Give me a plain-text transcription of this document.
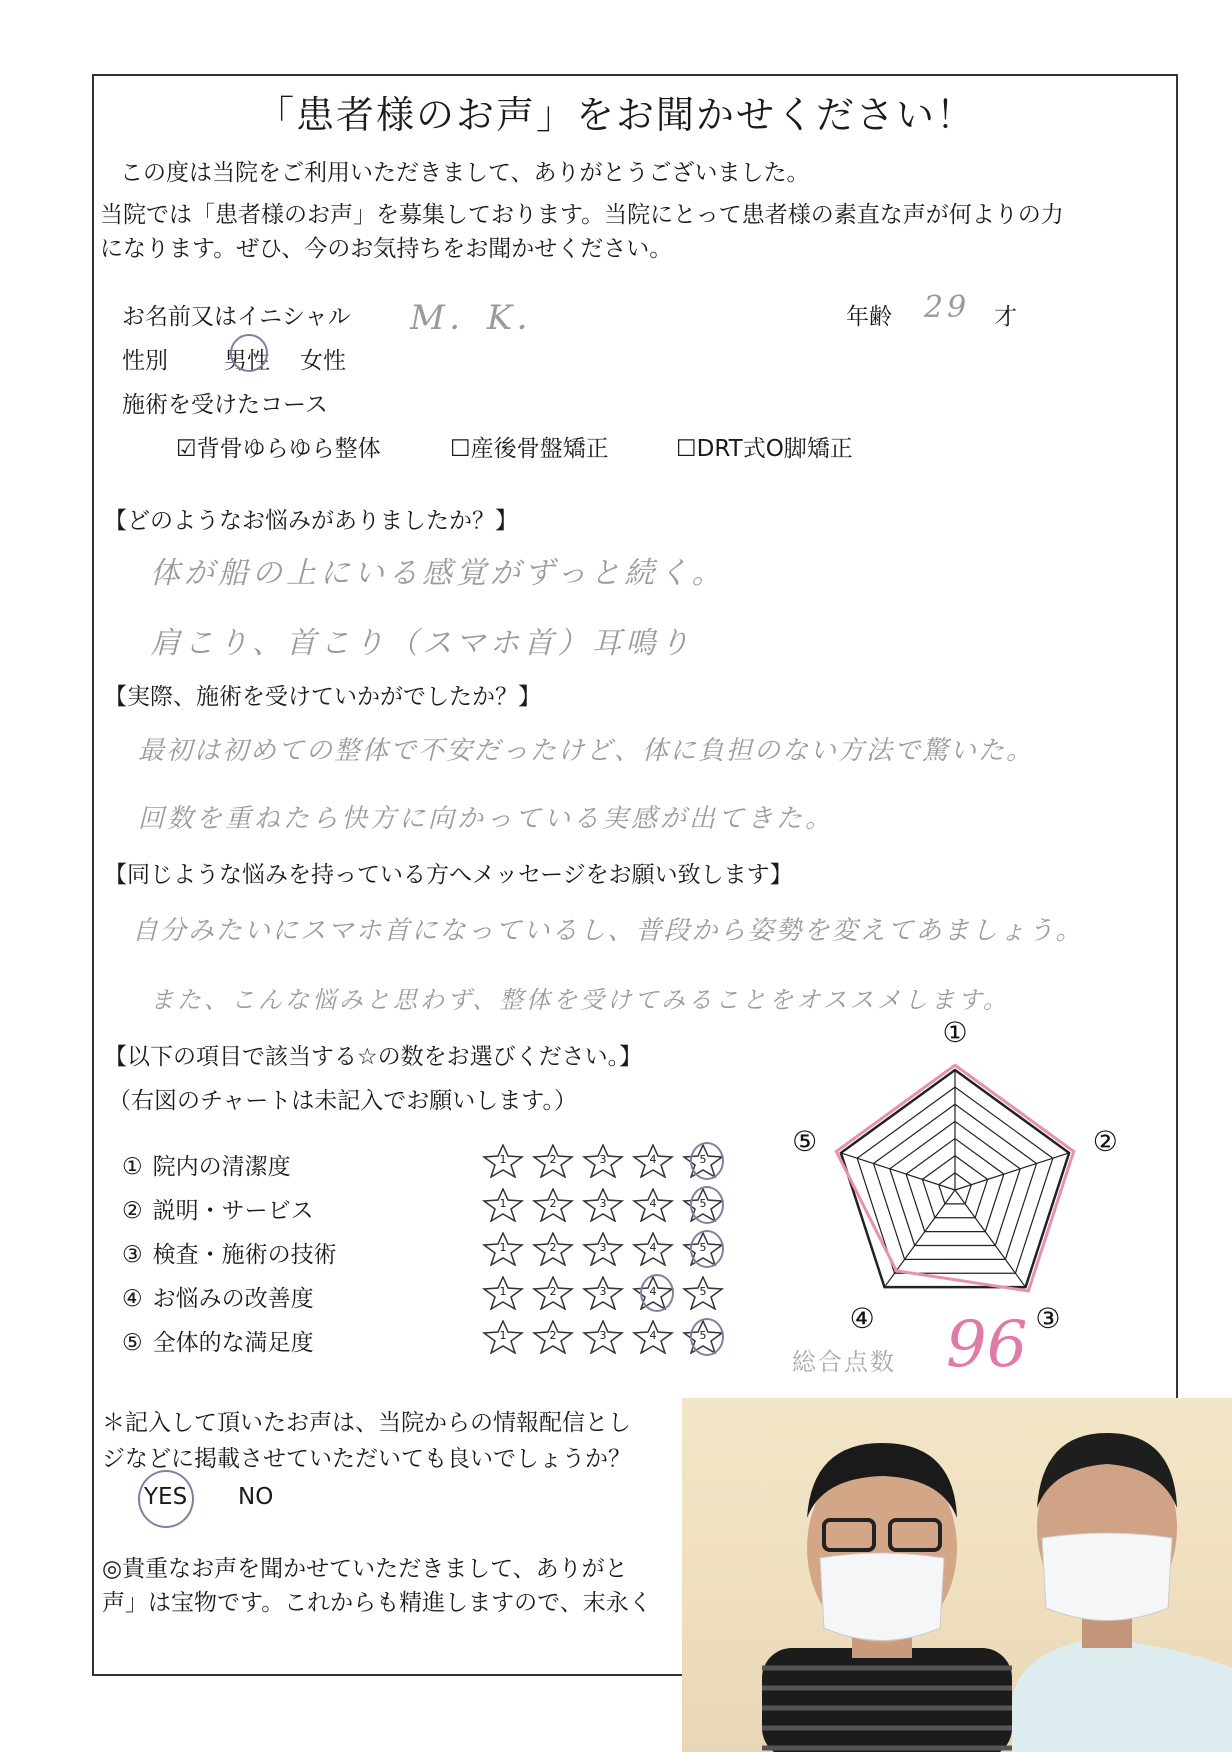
「患者様のお声」をお聞かせください！
この度は当院をご利用いただきまして、ありがとうございました。
当院では「患者様のお声」を募集しております。当院にとって患者様の素直な声が何よりの力
になります。ぜひ、今のお気持ちをお聞かせください。
お名前又はイニシャル M．K．	年齢 29 才
性別 男性 女性
施術を受けたコース
☑背骨ゆらゆら整体	☐産後骨盤矯正	☐DRT式O脚矯正
【どのようなお悩みがありましたか？】
体が船の上にいる感覚がずっと続く。
肩こり、首こり（スマホ首）耳鳴り
【実際、施術を受けていかがでしたか？】
最初は初めての整体で不安だったけど、体に負担のない方法で驚いた。
回数を重ねたら快方に向かっている実感が出てきた。
【同じような悩みを持っている方へメッセージをお願い致します】
自分みたいにスマホ首になっているし、普段から姿勢を変えてあましょう。
また、こんな悩みと思わず、整体を受けてみることをオススメします。
【以下の項目で該当する☆の数をお選びください。】
（右図のチャートは未記入でお願いします。）
① 院内の清潔度	1	2	3	4	5
② 説明・サービス	1	2	3	4	5
③ 検査・施術の技術	1	2	3	4	5
④ お悩みの改善度	1	2	3	4	5
⑤ 全体的な満足度	1	2	3	4	5
①
②
③
④
⑤
総合点数 96
＊記入して頂いたお声は、当院からの情報配信とし
ジなどに掲載させていただいても良いでしょうか？
YES NO
◎貴重なお声を聞かせていただきまして、ありがと
声」は宝物です。これからも精進しますので、末永く
